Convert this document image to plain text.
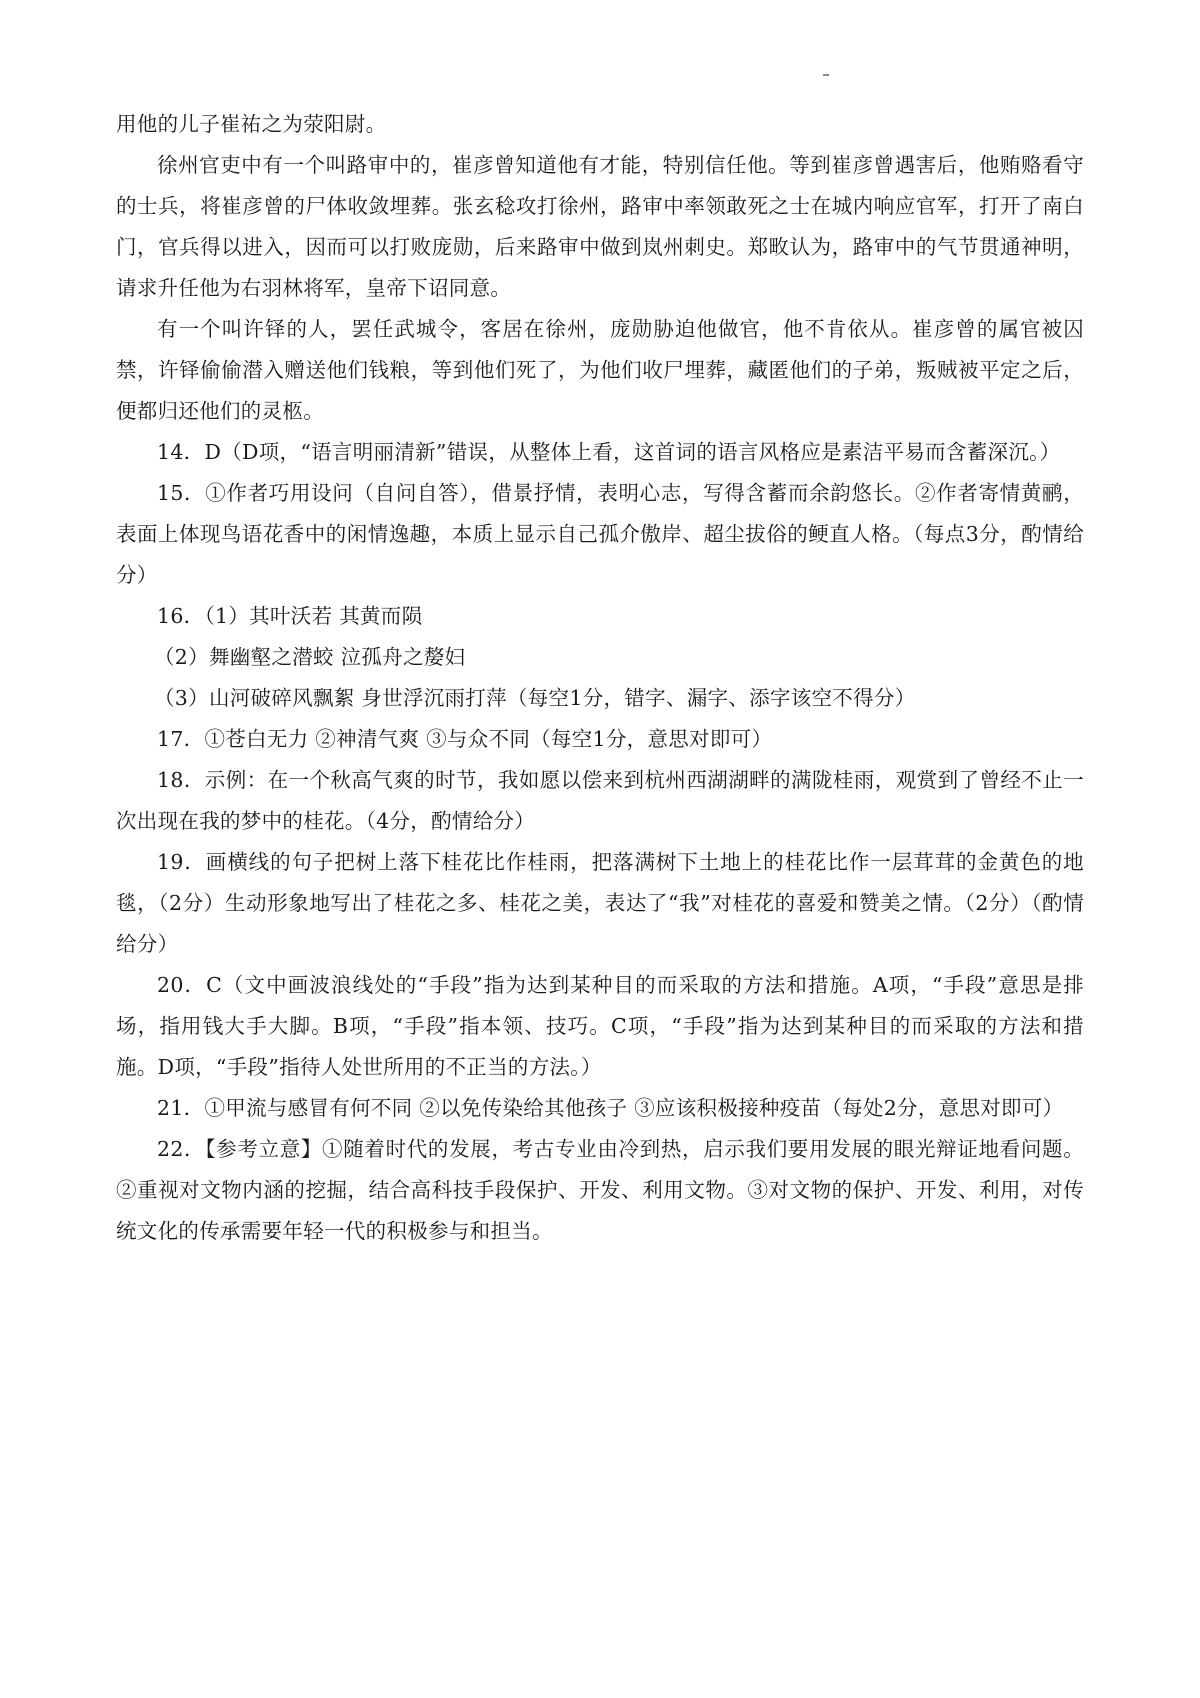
用他的儿子崔祐之为荥阳尉。

徐州官吏中有一个叫路审中的，崔彦曾知道他有才能，特别信任他。等到崔彦曾遇害后，他贿赂看守的士兵，将崔彦曾的尸体收敛埋葬。张玄稔攻打徐州，路审中率领敢死之士在城内响应官军，打开了南白门，官兵得以进入，因而可以打败庞勋，后来路审中做到岚州刺史。郑畋认为，路审中的气节贯通神明，请求升任他为右羽林将军，皇帝下诏同意。

有一个叫许铎的人，罢任武城令，客居在徐州，庞勋胁迫他做官，他不肯依从。崔彦曾的属官被囚禁，许铎偷偷潜入赠送他们钱粮，等到他们死了，为他们收尸埋葬，藏匿他们的子弟，叛贼被平定之后，便都归还他们的灵柩。

14．D（D项，“语言明丽清新”错误，从整体上看，这首词的语言风格应是素洁平易而含蓄深沉。）

15．①作者巧用设问（自问自答），借景抒情，表明心志，写得含蓄而余韵悠长。②作者寄情黄鹂，表面上体现鸟语花香中的闲情逸趣，本质上显示自己孤介傲岸、超尘拔俗的鲠直人格。（每点3分，酌情给分）

16．（1）其叶沃若 其黄而陨

（2）舞幽壑之潜蛟 泣孤舟之嫠妇

（3）山河破碎风飘絮 身世浮沉雨打萍（每空1分，错字、漏字、添字该空不得分）

17．①苍白无力 ②神清气爽 ③与众不同（每空1分，意思对即可）

18．示例：在一个秋高气爽的时节，我如愿以偿来到杭州西湖湖畔的满陇桂雨，观赏到了曾经不止一次出现在我的梦中的桂花。（4分，酌情给分）

19．画横线的句子把树上落下桂花比作桂雨，把落满树下土地上的桂花比作一层茸茸的金黄色的地毯，（2分）生动形象地写出了桂花之多、桂花之美，表达了“我”对桂花的喜爱和赞美之情。（2分）（酌情给分）

20．C（文中画波浪线处的“手段”指为达到某种目的而采取的方法和措施。A项，“手段”意思是排场，指用钱大手大脚。B项，“手段”指本领、技巧。C项，“手段”指为达到某种目的而采取的方法和措施。D项，“手段”指待人处世所用的不正当的方法。）

21．①甲流与感冒有何不同 ②以免传染给其他孩子 ③应该积极接种疫苗（每处2分，意思对即可）

22．【参考立意】①随着时代的发展，考古专业由冷到热，启示我们要用发展的眼光辩证地看问题。②重视对文物内涵的挖掘，结合高科技手段保护、开发、利用文物。③对文物的保护、开发、利用，对传统文化的传承需要年轻一代的积极参与和担当。
